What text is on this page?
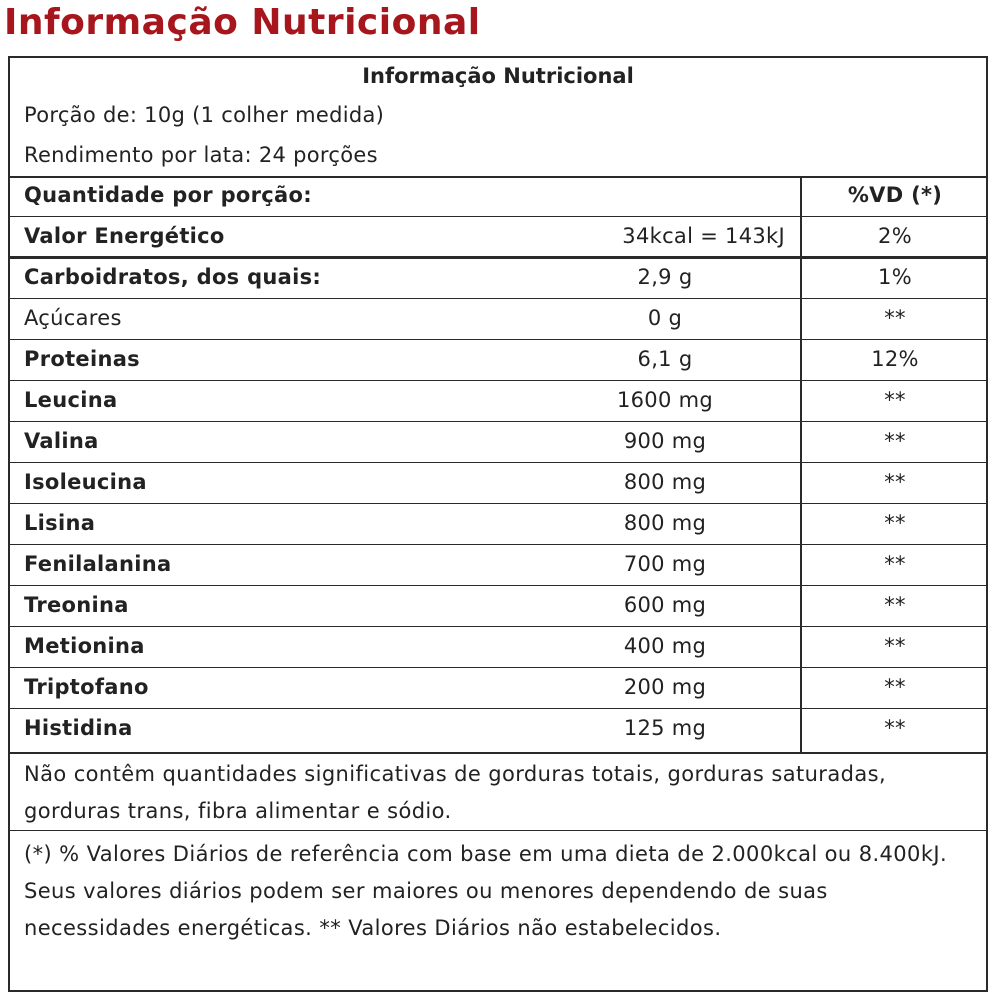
Informação Nutricional
Informação Nutricional
Porção de: 10g (1 colher medida)
Rendimento por lata: 24 porções
Quantidade por porção:	%VD (*)
Valor Energético	34kcal = 143kJ	2%
Carboidratos, dos quais:	2,9 g	1%
Açúcares	0 g	**
Proteinas	6,1 g	12%
Leucina	1600 mg	**
Valina	900 mg	**
Isoleucina	800 mg	**
Lisina	800 mg	**
Fenilalanina	700 mg	**
Treonina	600 mg	**
Metionina	400 mg	**
Triptofano	200 mg	**
Histidina	125 mg	**
Não contêm quantidades significativas de gorduras totais, gorduras saturadas, gorduras trans, fibra alimentar e sódio.
(*) % Valores Diários de referência com base em uma dieta de 2.000kcal ou 8.400kJ. Seus valores diários podem ser maiores ou menores dependendo de suas necessidades energéticas. ** Valores Diários não estabelecidos.
